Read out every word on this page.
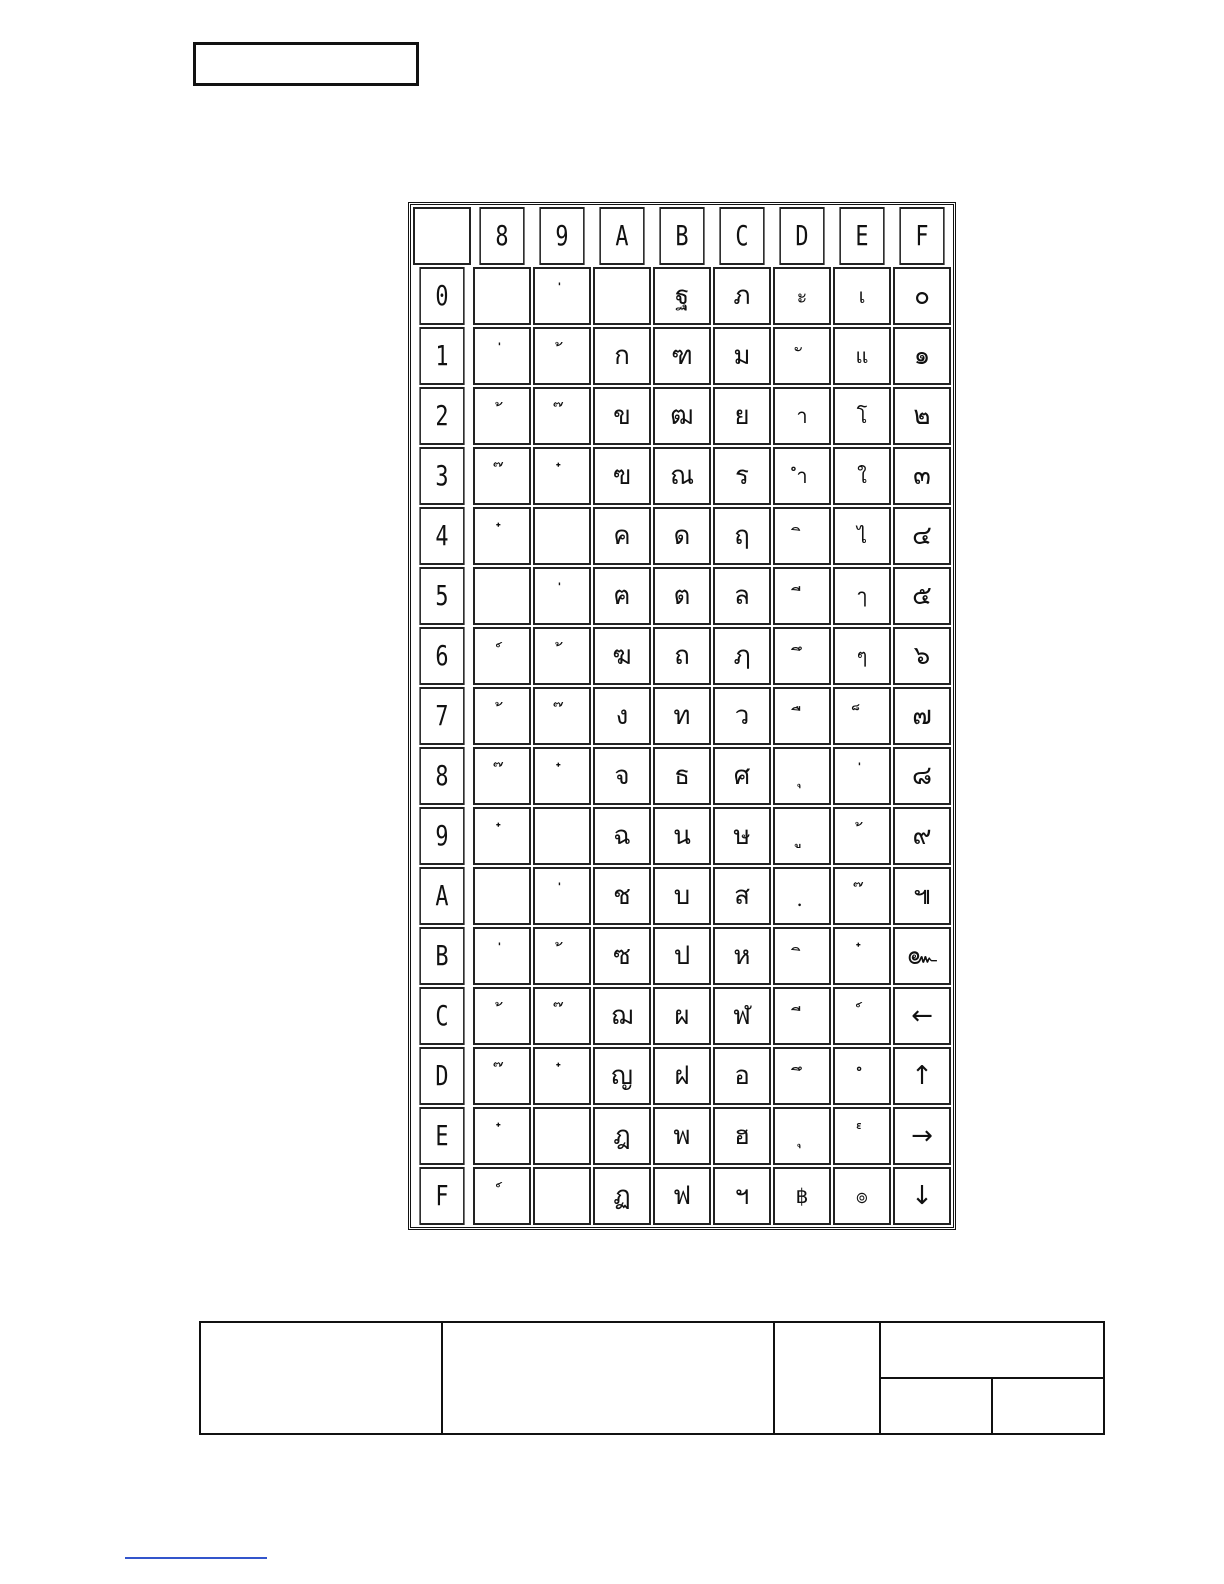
	8	9	A	B	C	D	E	F
0				ฐ	ภ	ะ	เ	๐
1			ก	ฑ	ม		แ	๑
2			ข	ฒ	ย	า	โ	๒
3			ฃ	ณ	ร	ำ	ใ	๓
4			ค	ด	ฤ		ไ	๔
5			ฅ	ต	ล		ๅ	๕
6			ฆ	ถ	ฦ		ๆ	๖
7			ง	ท	ว			๗
8			จ	ธ	ศ			๘
9			ฉ	น	ษ			๙
A			ช	บ	ส			๚
B			ซ	ป	ห			๛
C			ฌ	ผ	ฬ			←
D			ญ	ฝ	อ			↑
E			ฎ	พ	ฮ			→
F			ฏ	ฟ	ฯ	฿	๏	↓
